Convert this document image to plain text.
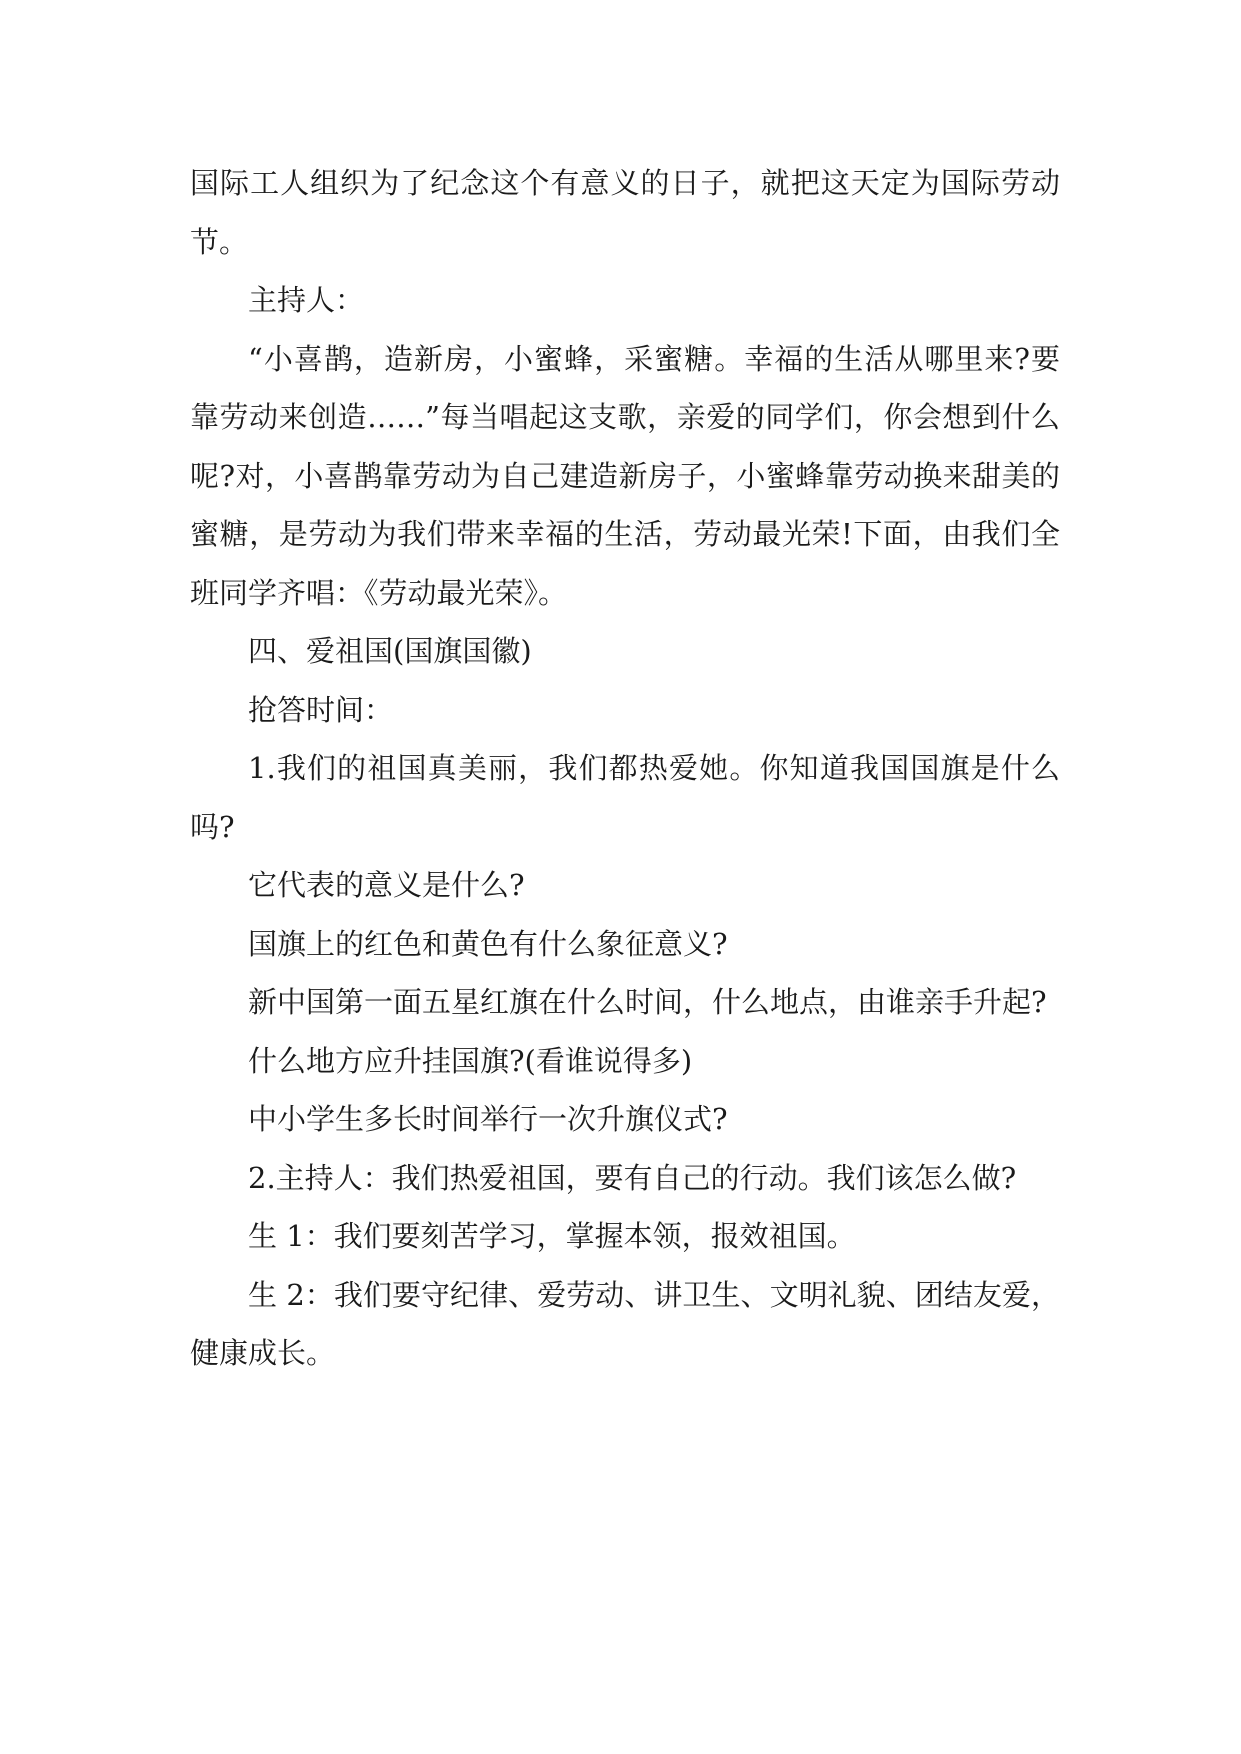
国际工人组织为了纪念这个有意义的日子，就把这天定为国际劳动节。

主持人：

“小喜鹊，造新房，小蜜蜂，采蜜糖。幸福的生活从哪里来?要靠劳动来创造……”每当唱起这支歌，亲爱的同学们，你会想到什么呢?对，小喜鹊靠劳动为自己建造新房子，小蜜蜂靠劳动换来甜美的蜜糖，是劳动为我们带来幸福的生活，劳动最光荣!下面，由我们全班同学齐唱：《劳动最光荣》。

四、爱祖国(国旗国徽)

抢答时间：

1.我们的祖国真美丽，我们都热爱她。你知道我国国旗是什么吗?

它代表的意义是什么?

国旗上的红色和黄色有什么象征意义?

新中国第一面五星红旗在什么时间，什么地点，由谁亲手升起?

什么地方应升挂国旗?(看谁说得多)

中小学生多长时间举行一次升旗仪式?

2.主持人：我们热爱祖国，要有自己的行动。我们该怎么做?

生 1：我们要刻苦学习，掌握本领，报效祖国。

生 2：我们要守纪律、爱劳动、讲卫生、文明礼貌、团结友爱，健康成长。
